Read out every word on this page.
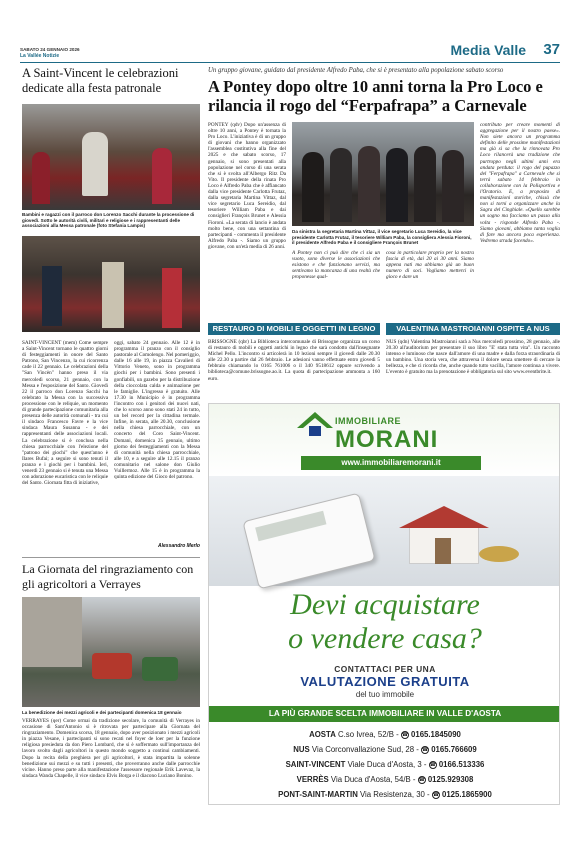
SABATO 24 GENNAIO 2026
La Vallée Notizie	Media Valle 37
A Saint-Vincent le celebrazioni dedicate alla festa patronale
Bambini e ragazzi con il parroco don Lorenzo Sacchi durante la processione di giovedì. Sotto le autorità civili, militari e religiose e i rappresentanti delle associazioni alla Messa patronale (foto Stefania Lampis)
SAINT-VINCENT (mem) Come sempre a Saint-Vincent tornano le quattro giorni di festeggiamenti in onore del Santo Patrono, San Vincenzo, la cui ricorrenza cade il 22 gennaio. Le celebrazioni della "San Vincèn" hanno preso il via mercoledì scorso, 21 gennaio, con la Messa e l'esposizione del Santo. Giovedì 22 il parroco don Lorenzo Sacchi ha celebrato la Messa con la successiva processione con le reliquie, un momento di grande partecipazione comunitaria alla presenza delle autorità comunali - tra cui il sindaco Francesco Favre e la vice sindaca Maura Susanna - e dei rappresentanti delle associazioni locali. La celebrazione si è conclusa nella chiesa parrocchiale con l'elezione del "patrono dei giochi" che quest'anno è Ilares Bufai; a seguire si sono tenuti il pranzo e i giochi per i bambini. Ieri, venerdì 23 gennaio si è tenuta una Messa con adorazione eucaristica con le reliquie del Santo. Giornata fitta di iniziative,
oggi, sabato 24 gennaio. Alle 12 è in programma il pranzo con il consiglio pastorale al Comolengo. Nel pomeriggio, dalle 16 alle 19, in piazza Cavalieri di Vittorio Veneto, sono in programma giochi per i bambini. Sono presenti i gonfiabili, un gazebo per la distribuzione della cioccolata calda e animazione per le famiglie. L'ingresso è gratuito. Alle 17.30 in Municipio è in programma l'incontro con i genitori dei nuovi nati, che lo scorso anno sono stati 24 in tutto, un bel record per la cittadina termale. Infine, in serata, alle 20.30, conclusione nella chiesa parrocchiale, con un concerto del Coro Saint-Vincent. Domani, domenica 25 gennaio, ultimo giorno dei festeggiamenti con la Messa di comunità nella chiesa parrocchiale, alle 10, e a seguire alle 12.15 il pranzo comunitario nel salone don Giulio Vuillermoz. Alle 15 è in programma la quinta edizione del Gioco del patrono.
Alessandro Merlo
La Giornata del ringraziamento con gli agricoltori a Verrayes
La benedizione dei mezzi agricoli e dei partecipanti domenica 18 gennaio
VERRAYES (qer) Come ormai da tradizione secolare, la comunità di Verrayes in occasione di Sant'Antonio si è ritrovata per partecipare alla Giornata del ringraziamento. Domenica scorsa, 18 gennaio, dopo aver posizionato i mezzi agricoli in piazza Vesane, i partecipanti si sono recati nel foyer de loer per la funzione religiosa presieduta da don Piero Lombard, che si è soffermato sull'importanza del lavoro svolto dagli agricoltori in questo mondo soggetto a continui cambiamenti. Dopo la recita della preghiera per gli agricoltori, è stata impartita la solenne benedizione sui mezzi e su tutti i presenti, che proverranno anche dalle parrocchie vicine. Hanno preso parte alla manifestazione l'assessore regionale Erik Lavevaz, la sindaca Wanda Chapelle, il vice sindaco Elvis Borga e il diacono Luciano Bonino.
Un gruppo giovane, guidato dal presidente Alfredo Paba, che si è presentato alla popolazione sabato scorso
A Pontey dopo oltre 10 anni torna la Pro Loco e rilancia il rogo del “Ferpafrapa” a Carnevale
PONTEY (qdv) Dopo un'assenza di oltre 10 anni, a Pontey è tornata la Pro Loco. L'iniziativa è di un gruppo di giovani che hanno organizzato l'assemblea costitutiva alla fine del 2025 e che sabato scorso, 17 gennaio, si sono presentati alla popolazione nel corso di una serata che si è svolta all'Albergo Ritz Da Vito. Il presidente della rinata Pro Loco è Alfredo Paba che è affiancato dalla vice presidente Carlotta Frutaz, dalla segretaria Martina Vittaz, dal vice segretario Luca Sereidio, dal tesoriere William Paba e dai consiglieri François Brunet e Alessia Fioroni. «La serata di lancio è andata molto bene, con una settantina di partecipanti - commenta il presidente Alfredo Paba -. Siamo un gruppo giovane, con un'età media di 26 anni.
Da sinistra la segretaria Martina Vittaz, il vice segretario Luca Sereidio, la vice presidente Carlotta Frutaz, il tesoriere William Paba, la consigliera Alessia Fioroni, il presidente Alfredo Paba e il consigliere François Brunet
A Pontey non ci può dire che ci sia un vuoto, sono diverse le associazioni che esistono e che funzionano servizi, ma sentivamo la mancanza di una realtà che proponesse qual-
cosa in particolare proprio per la nostra fascia di età, dai 20 ai 30 anni. Siamo appena nati ma abbiamo già un buon numero di soci. Vogliamo metterci in gioco e dare un
contributo per creare momenti di aggregazione per il nostro paese». Non siete ancora un programma definito delle prossime manifestazioni ma già si sa che la rinnovata Pro Loco rilancerà una tradizione che purtroppo negli ultimi anni era andata perduta: il rogo del pupazzo del "Ferpafrapa" a Carnevale che si terrà sabato 14 febbraio in collaborazione con la Polisportiva e l'Oratorio. E, a proposito di manifestazioni storiche, chissà che non si torni a organizzare anche la Sagra del Cinghiale. «Quello sarebbe un sogno ma facciamo un passo alla volta - risponde Alfredo Paba -. Siamo giovani, abbiamo tanta voglia di fare ma ancora poca esperienza. Vedremo strada facendo».
RESTAURO DI MOBILI E OGGETTI IN LEGNO
BRISSOGNE (qbr) La Biblioteca intercomunale di Brissogne organizza un corso di restauro di mobili e oggetti antichi in legno che sarà condotto dall'insegnante Michel Pello. L'incontro si articolerà in 10 lezioni sempre il giovedì dalle 20.30 alle 22.30 a partire dal 26 febbraio. Le adesioni vanno effettuate entro giovedì 5 febbraio chiamando lo 0165 761006 o il 340 9518612 oppure scrivendo a biblioteca@comune.brissogne.ao.it. La quota di partecipazione ammonta a 160 euro.
VALENTINA MASTROIANNI OSPITE A NUS
NUS (qdn) Valentina Mastroianni sarà a Nus mercoledì prossimo, 28 gennaio, alle 20.30 all'auditorium per presentare il suo libro "E' stata tutta vita". Un racconto intenso e luminoso che nasce dall'amore di una madre e dalla forza straordinaria di un bambino. Una storia vera, che attraversa il dolore senza smettere di cercare la bellezza, e che ci ricorda che, anche quando tutto vacilla, l'amore continua a vivere. L'evento è gratuito ma la prenotazione è obbligatoria sul sito www.eventbrite.it.
IMMOBILIARE
MORANI
www.immobiliaremorani.it
Devi acquistare
o vendere casa?
CONTATTACI PER UNA
VALUTAZIONE GRATUITA
del tuo immobile
LA PIÙ GRANDE SCELTA IMMOBILIARE IN VALLE D'AOSTA
AOSTA C.so Ivrea, 52/B - ☎ 0165.1845090
NUS Via Corconvallazione Sud, 28 - ☎ 0165.766609
SAINT-VINCENT Viale Duca d'Aosta, 3 - ☎ 0166.513336
VERRÈS Via Duca d'Aosta, 54/B - ☎ 0125.929308
PONT-SAINT-MARTIN Via Resistenza, 30 - ☎ 0125.1865900
